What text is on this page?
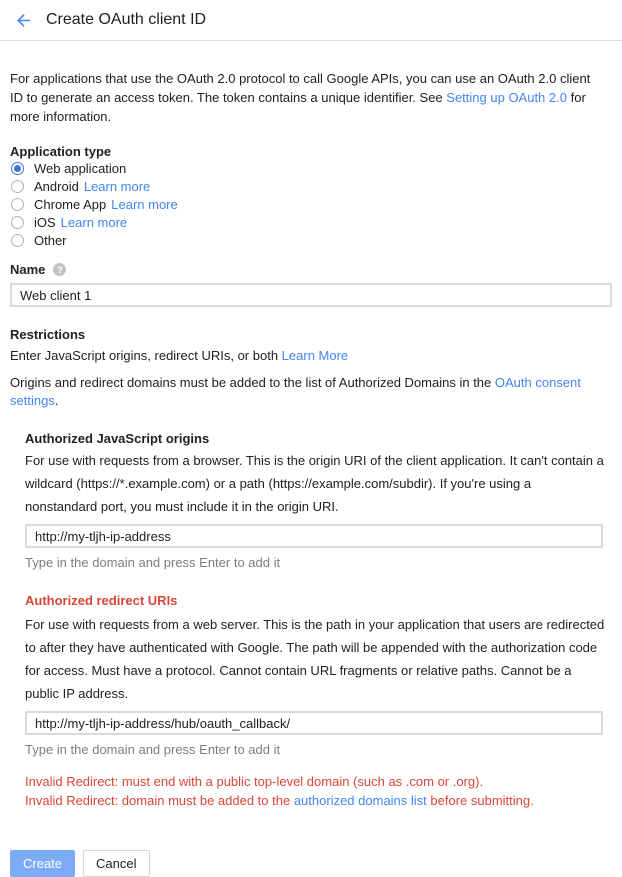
Create OAuth client ID
For applications that use the OAuth 2.0 protocol to call Google APIs, you can use an OAuth 2.0 client ID to generate an access token. The token contains a unique identifier. See Setting up OAuth 2.0 for more information.
Application type
Web application
Android Learn more
Chrome App Learn more
iOS Learn more
Other
Name	?
Web client 1
Restrictions
Enter JavaScript origins, redirect URIs, or both Learn More
Origins and redirect domains must be added to the list of Authorized Domains in the OAuth consent settings.
Authorized JavaScript origins
For use with requests from a browser. This is the origin URI of the client application. It can't contain a wildcard (https://*.example.com) or a path (https://example.com/subdir). If you're using a nonstandard port, you must include it in the origin URI.
http://my-tljh-ip-address
Type in the domain and press Enter to add it
Authorized redirect URIs
For use with requests from a web server. This is the path in your application that users are redirected to after they have authenticated with Google. The path will be appended with the authorization code for access. Must have a protocol. Cannot contain URL fragments or relative paths. Cannot be a public IP address.
http://my-tljh-ip-address/hub/oauth_callback/
Type in the domain and press Enter to add it
Invalid Redirect: must end with a public top-level domain (such as .com or .org).
Invalid Redirect: domain must be added to the authorized domains list before submitting.
Create	Cancel
